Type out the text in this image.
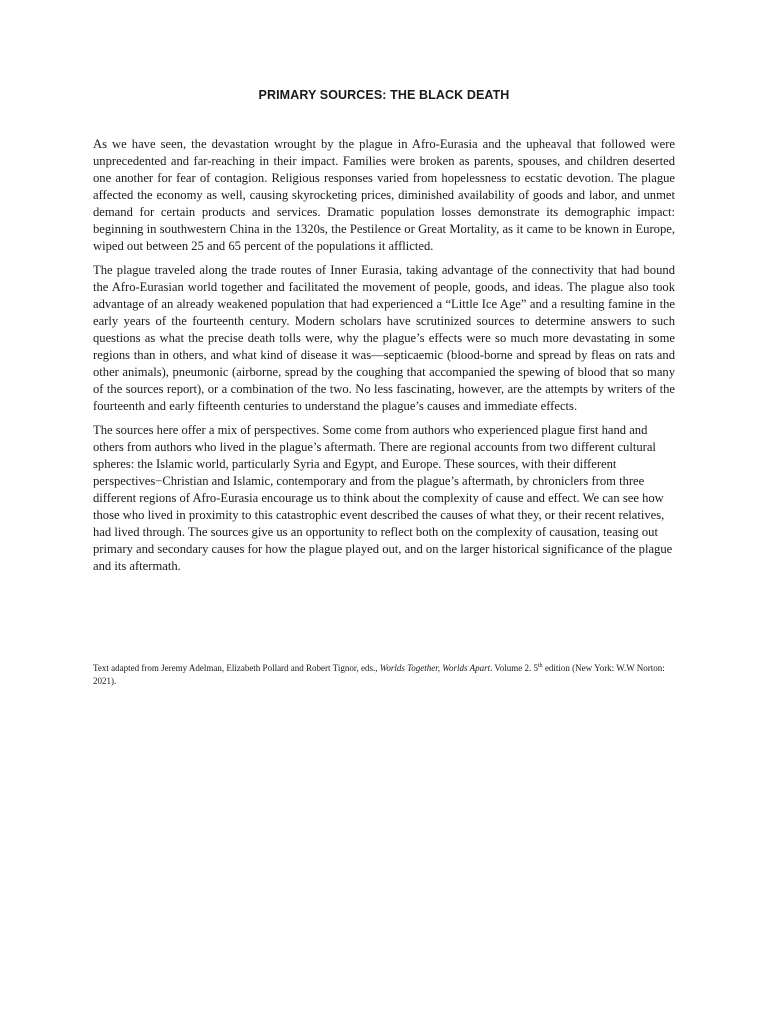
PRIMARY SOURCES: THE BLACK DEATH

As we have seen, the devastation wrought by the plague in Afro-Eurasia and the upheaval that followed were unprecedented and far-reaching in their impact. Families were broken as parents, spouses, and children deserted one another for fear of contagion. Religious responses varied from hopelessness to ecstatic devotion. The plague affected the economy as well, causing skyrocketing prices, diminished availability of goods and labor, and unmet demand for certain products and services. Dramatic population losses demonstrate its demographic impact: beginning in southwestern China in the 1320s, the Pestilence or Great Mortality, as it came to be known in Europe, wiped out between 25 and 65 percent of the populations it afflicted.

The plague traveled along the trade routes of Inner Eurasia, taking advantage of the connectivity that had bound the Afro-Eurasian world together and facilitated the movement of people, goods, and ideas. The plague also took advantage of an already weakened population that had experienced a “Little Ice Age” and a resulting famine in the early years of the fourteenth century. Modern scholars have scrutinized sources to determine answers to such questions as what the precise death tolls were, why the plague’s effects were so much more devastating in some regions than in others, and what kind of disease it was—septicaemic (blood-borne and spread by fleas on rats and other animals), pneumonic (airborne, spread by the coughing that accompanied the spewing of blood that so many of the sources report), or a combination of the two. No less fascinating, however, are the attempts by writers of the fourteenth and early fifteenth centuries to understand the plague’s causes and immediate effects.

The sources here offer a mix of perspectives. Some come from authors who experienced plague first hand and others from authors who lived in the plague’s aftermath. There are regional accounts from two different cultural spheres: the Islamic world, particularly Syria and Egypt, and Europe. These sources, with their different perspectives−Christian and Islamic, contemporary and from the plague’s aftermath, by chroniclers from three different regions of Afro-Eurasia encourage us to think about the complexity of cause and effect. We can see how those who lived in proximity to this catastrophic event described the causes of what they, or their recent relatives, had lived through. The sources give us an opportunity to reflect both on the complexity of causation, teasing out primary and secondary causes for how the plague played out, and on the larger historical significance of the plague and its aftermath.

Text adapted from Jeremy Adelman, Elizabeth Pollard and Robert Tignor, eds., Worlds Together, Worlds Apart. Volume 2. 5th edition (New York: W.W Norton: 2021).
